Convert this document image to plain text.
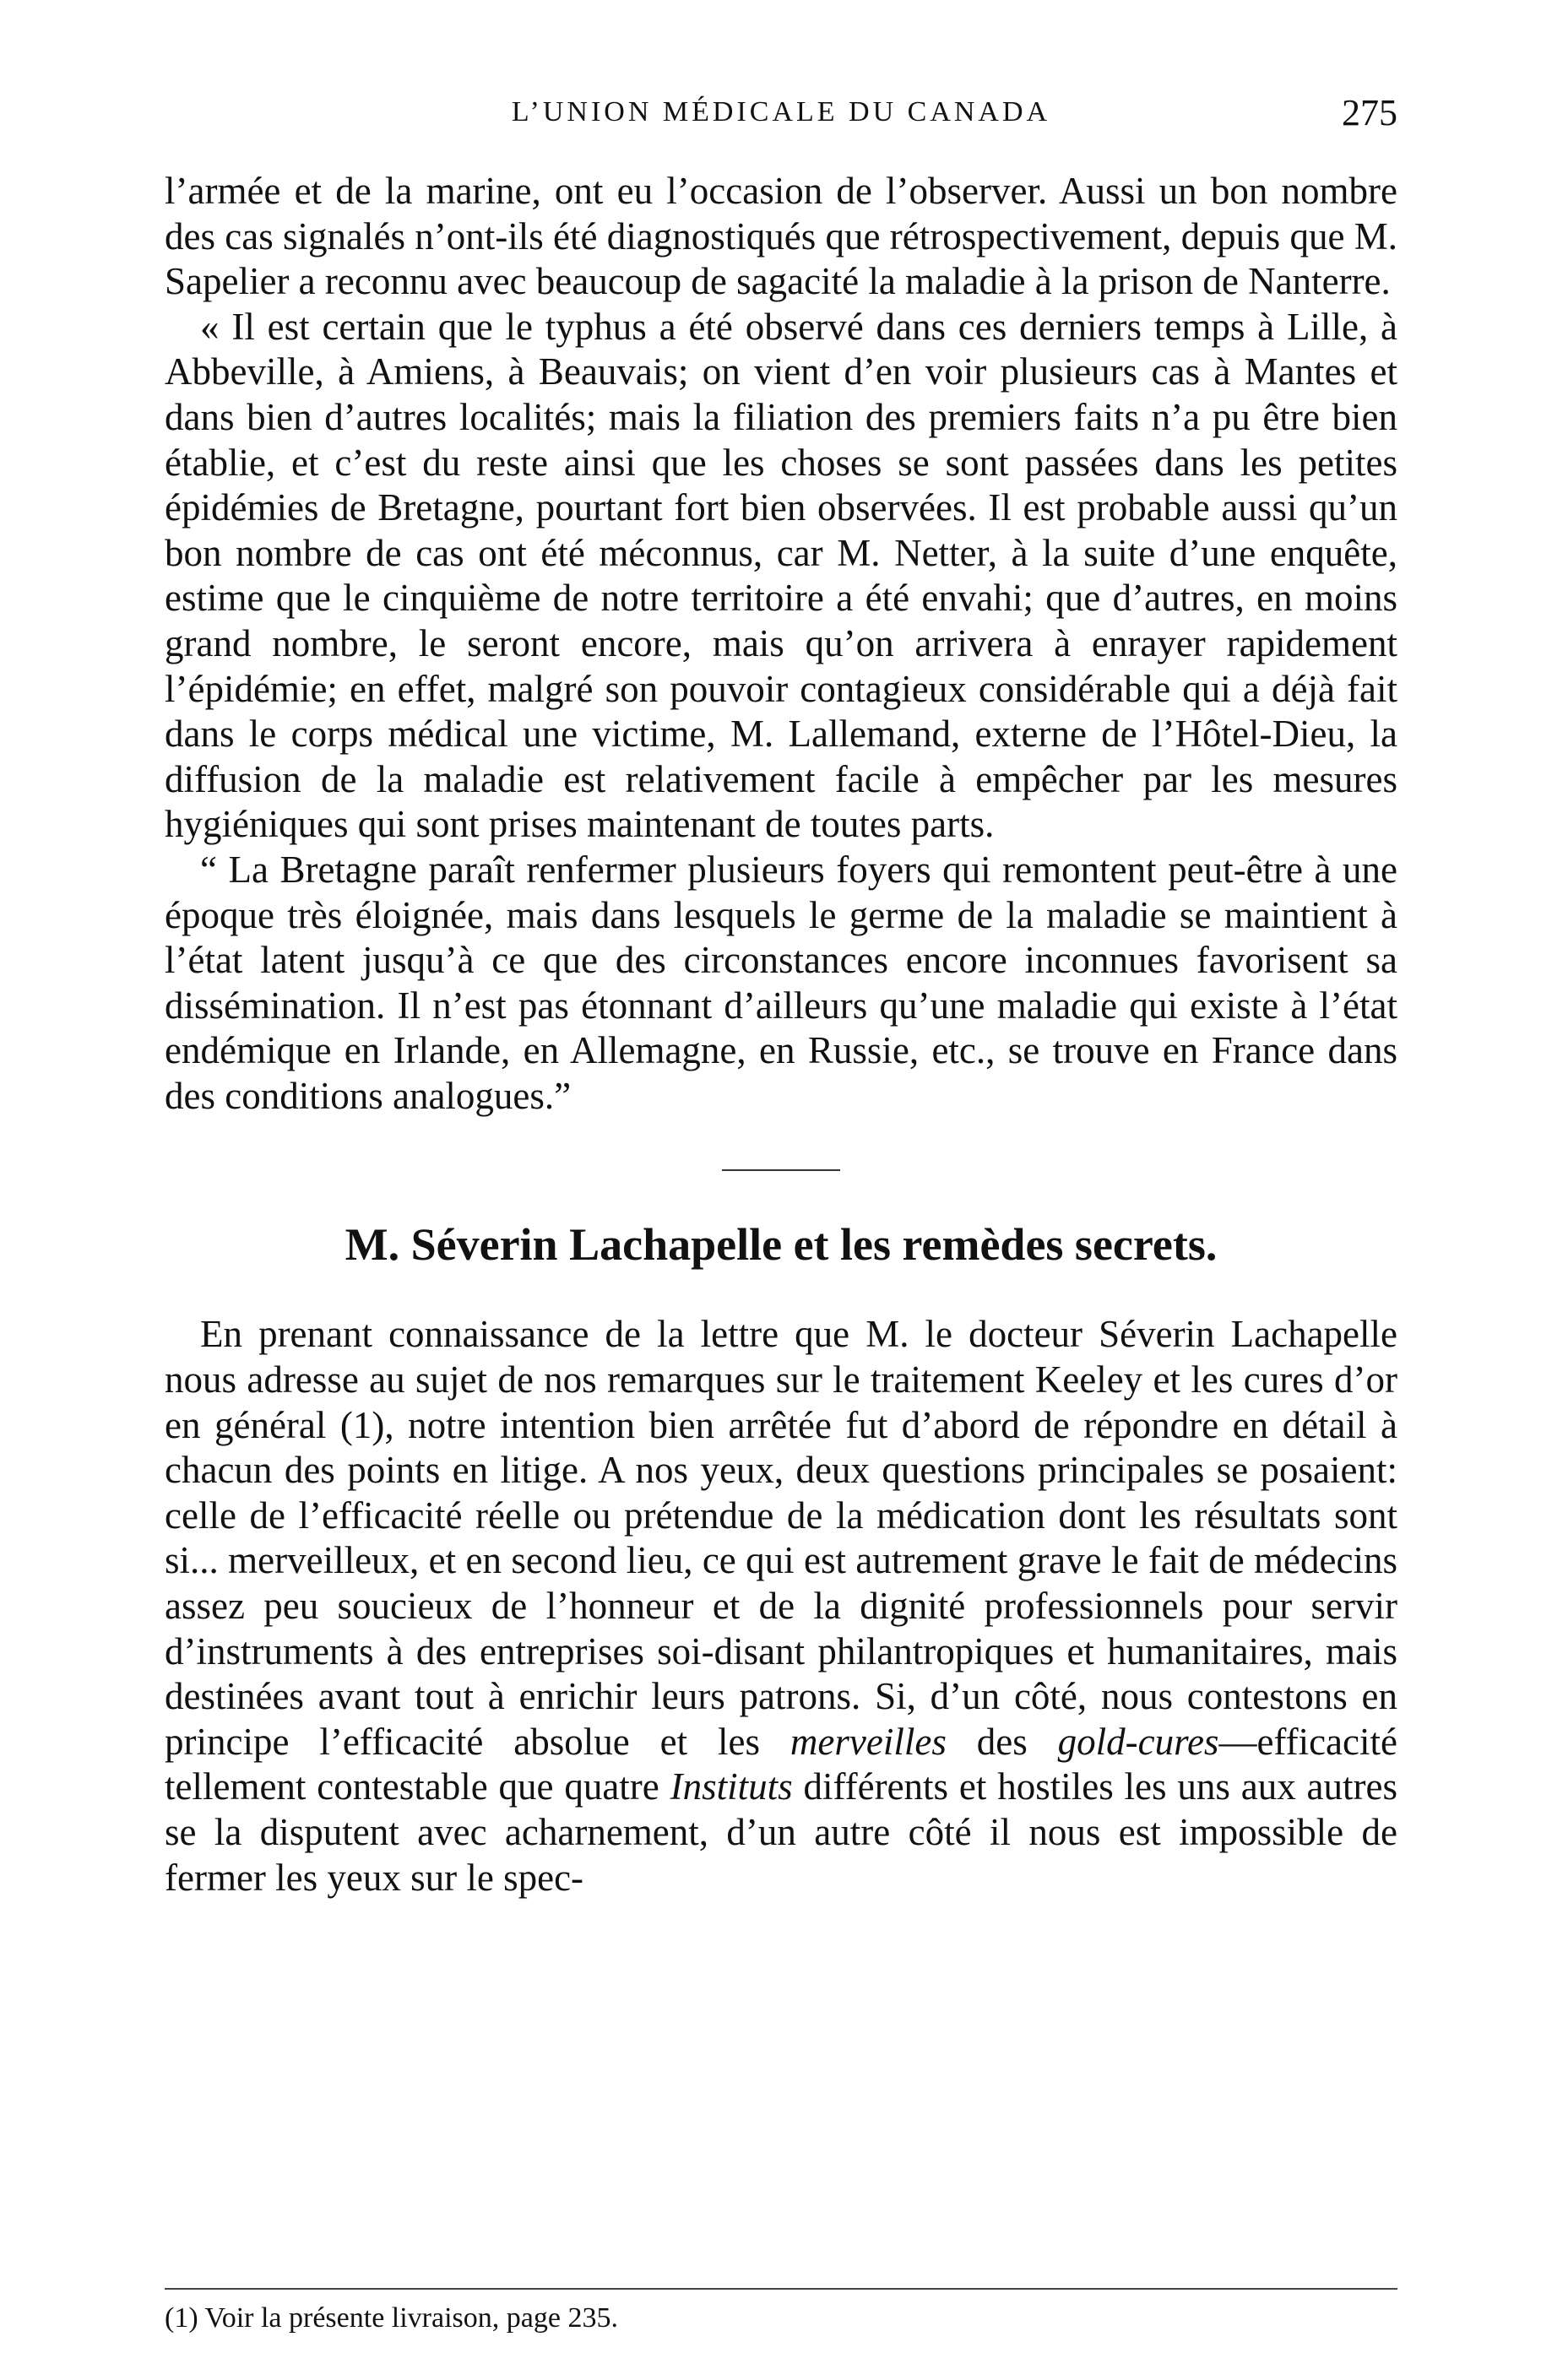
L’UNION MÉDICALE DU CANADA	275

l’armée et de la marine, ont eu l’occasion de l’observer. Aussi un bon nombre des cas signalés n’ont-ils été diagnostiqués que rétrospectivement, depuis que M. Sapelier a reconnu avec beaucoup de sagacité la maladie à la prison de Nanterre.

« Il est certain que le typhus a été observé dans ces derniers temps à Lille, à Abbeville, à Amiens, à Beauvais; on vient d’en voir plusieurs cas à Mantes et dans bien d’autres localités; mais la filiation des premiers faits n’a pu être bien établie, et c’est du reste ainsi que les choses se sont passées dans les petites épidémies de Bretagne, pourtant fort bien observées. Il est probable aussi qu’un bon nombre de cas ont été méconnus, car M. Netter, à la suite d’une enquête, estime que le cinquième de notre territoire a été envahi; que d’autres, en moins grand nombre, le seront encore, mais qu’on arrivera à enrayer rapidement l’épidémie; en effet, malgré son pouvoir contagieux considérable qui a déjà fait dans le corps médical une victime, M. Lallemand, externe de l’Hôtel-Dieu, la diffusion de la maladie est relativement facile à empêcher par les mesures hygiéniques qui sont prises maintenant de toutes parts.

“ La Bretagne paraît renfermer plusieurs foyers qui remontent peut-être à une époque très éloignée, mais dans lesquels le germe de la maladie se maintient à l’état latent jusqu’à ce que des circonstances encore inconnues favorisent sa dissémination. Il n’est pas étonnant d’ailleurs qu’une maladie qui existe à l’état endémique en Irlande, en Allemagne, en Russie, etc., se trouve en France dans des conditions analogues.”

M. Séverin Lachapelle et les remèdes secrets.

En prenant connaissance de la lettre que M. le docteur Séverin Lachapelle nous adresse au sujet de nos remarques sur le traitement Keeley et les cures d’or en général (1), notre intention bien arrêtée fut d’abord de répondre en détail à chacun des points en litige. A nos yeux, deux questions principales se posaient: celle de l’efficacité réelle ou prétendue de la médication dont les résultats sont si... merveilleux, et en second lieu, ce qui est autrement grave le fait de médecins assez peu soucieux de l’honneur et de la dignité professionnels pour servir d’instruments à des entreprises soi-disant philantropiques et humanitaires, mais destinées avant tout à enrichir leurs patrons. Si, d’un côté, nous contestons en principe l’efficacité absolue et les merveilles des gold-cures—efficacité tellement contestable que quatre Instituts différents et hostiles les uns aux autres se la disputent avec acharnement, d’un autre côté il nous est impossible de fermer les yeux sur le spec-

(1) Voir la présente livraison, page 235.
